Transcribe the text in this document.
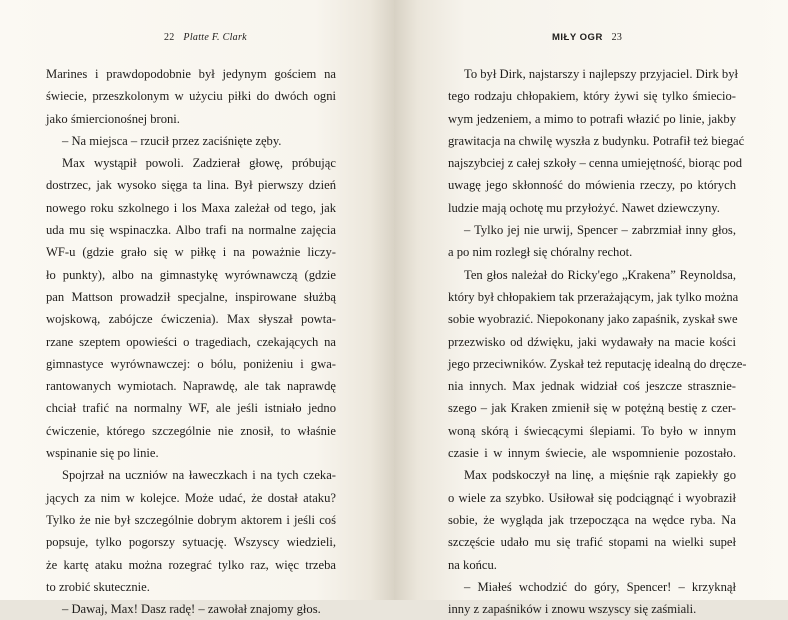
22 Platte F. Clark
Marines i prawdopodobnie był jedynym gościem na
świecie, przeszkolonym w użyciu piłki do dwóch ogni
jako śmiercionośnej broni.
– Na miejsca – rzucił przez zaciśnięte zęby.
Max wystąpił powoli. Zadzierał głowę, próbując
dostrzec, jak wysoko sięga ta lina. Był pierwszy dzień
nowego roku szkolnego i los Maxa zależał od tego, jak
uda mu się wspinaczka. Albo trafi na normalne zajęcia
WF-u (gdzie grało się w piłkę i na poważnie liczy-
ło punkty), albo na gimnastykę wyrównawczą (gdzie
pan Mattson prowadził specjalne, inspirowane służbą
wojskową, zabójcze ćwiczenia). Max słyszał powta-
rzane szeptem opowieści o tragediach, czekających na
gimnastyce wyrównawczej: o bólu, poniżeniu i gwa-
rantowanych wymiotach. Naprawdę, ale tak naprawdę
chciał trafić na normalny WF, ale jeśli istniało jedno
ćwiczenie, którego szczególnie nie znosił, to właśnie
wspinanie się po linie.
Spojrzał na uczniów na ławeczkach i na tych czeka-
jących za nim w kolejce. Może udać, że dostał ataku?
Tylko że nie był szczególnie dobrym aktorem i jeśli coś
popsuje, tylko pogorszy sytuację. Wszyscy wiedzieli,
że kartę ataku można rozegrać tylko raz, więc trzeba
to zrobić skutecznie.
– Dawaj, Max! Dasz radę! – zawołał znajomy głos.
MIŁY OGR 23
To był Dirk, najstarszy i najlepszy przyjaciel. Dirk był
tego rodzaju chłopakiem, który żywi się tylko śmiecio-
wym jedzeniem, a mimo to potrafi włazić po linie, jakby
grawitacja na chwilę wyszła z budynku. Potrafił też biegać
najszybciej z całej szkoły – cenna umiejętność, biorąc pod
uwagę jego skłonność do mówienia rzeczy, po których
ludzie mają ochotę mu przyłożyć. Nawet dziewczyny.
– Tylko jej nie urwij, Spencer – zabrzmiał inny głos,
a po nim rozległ się chóralny rechot.
Ten głos należał do Ricky'ego „Krakena” Reynoldsa,
który był chłopakiem tak przerażającym, jak tylko można
sobie wyobrazić. Niepokonany jako zapaśnik, zyskał swe
przezwisko od dźwięku, jaki wydawały na macie kości
jego przeciwników. Zyskał też reputację idealną do dręcze-
nia innych. Max jednak widział coś jeszcze strasznie-
szego – jak Kraken zmienił się w potężną bestię z czer-
woną skórą i świecącymi ślepiami. To było w innym
czasie i w innym świecie, ale wspomnienie pozostało.
Max podskoczył na linę, a mięśnie rąk zapiekły go
o wiele za szybko. Usiłował się podciągnąć i wyobraził
sobie, że wygląda jak trzepocząca na wędce ryba. Na
szczęście udało mu się trafić stopami na wielki supeł
na końcu.
– Miałeś wchodzić do góry, Spencer! – krzyknął
inny z zapaśników i znowu wszyscy się zaśmiali.
